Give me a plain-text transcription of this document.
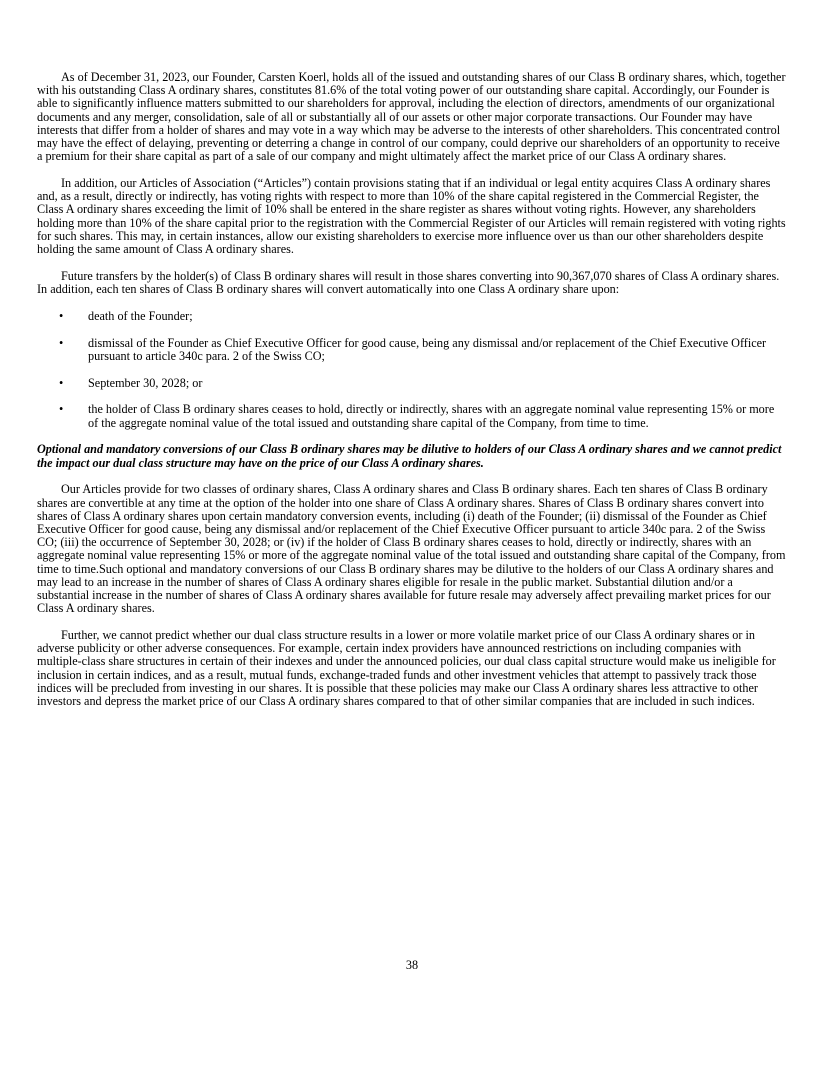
As of December 31, 2023, our Founder, Carsten Koerl, holds all of the issued and outstanding shares of our Class B ordinary shares, which, together with his outstanding Class A ordinary shares, constitutes 81.6% of the total voting power of our outstanding share capital. Accordingly, our Founder is able to significantly influence matters submitted to our shareholders for approval, including the election of directors, amendments of our organizational documents and any merger, consolidation, sale of all or substantially all of our assets or other major corporate transactions. Our Founder may have interests that differ from a holder of shares and may vote in a way which may be adverse to the interests of other shareholders. This concentrated control may have the effect of delaying, preventing or deterring a change in control of our company, could deprive our shareholders of an opportunity to receive a premium for their share capital as part of a sale of our company and might ultimately affect the market price of our Class A ordinary shares.

In addition, our Articles of Association (“Articles”) contain provisions stating that if an individual or legal entity acquires Class A ordinary shares and, as a result, directly or indirectly, has voting rights with respect to more than 10% of the share capital registered in the Commercial Register, the Class A ordinary shares exceeding the limit of 10% shall be entered in the share register as shares without voting rights. However, any shareholders holding more than 10% of the share capital prior to the registration with the Commercial Register of our Articles will remain registered with voting rights for such shares. This may, in certain instances, allow our existing shareholders to exercise more influence over us than our other shareholders despite holding the same amount of Class A ordinary shares.

Future transfers by the holder(s) of Class B ordinary shares will result in those shares converting into 90,367,070 shares of Class A ordinary shares. In addition, each ten shares of Class B ordinary shares will convert automatically into one Class A ordinary share upon:

• death of the Founder;
• dismissal of the Founder as Chief Executive Officer for good cause, being any dismissal and/or replacement of the Chief Executive Officer pursuant to article 340c para. 2 of the Swiss CO;
• September 30, 2028; or
• the holder of Class B ordinary shares ceases to hold, directly or indirectly, shares with an aggregate nominal value representing 15% or more of the aggregate nominal value of the total issued and outstanding share capital of the Company, from time to time.

Optional and mandatory conversions of our Class B ordinary shares may be dilutive to holders of our Class A ordinary shares and we cannot predict the impact our dual class structure may have on the price of our Class A ordinary shares.

Our Articles provide for two classes of ordinary shares, Class A ordinary shares and Class B ordinary shares. Each ten shares of Class B ordinary shares are convertible at any time at the option of the holder into one share of Class A ordinary shares. Shares of Class B ordinary shares convert into shares of Class A ordinary shares upon certain mandatory conversion events, including (i) death of the Founder; (ii) dismissal of the Founder as Chief Executive Officer for good cause, being any dismissal and/or replacement of the Chief Executive Officer pursuant to article 340c para. 2 of the Swiss CO; (iii) the occurrence of September 30, 2028; or (iv) if the holder of Class B ordinary shares ceases to hold, directly or indirectly, shares with an aggregate nominal value representing 15% or more of the aggregate nominal value of the total issued and outstanding share capital of the Company, from time to time.Such optional and mandatory conversions of our Class B ordinary shares may be dilutive to the holders of our Class A ordinary shares and may lead to an increase in the number of shares of Class A ordinary shares eligible for resale in the public market. Substantial dilution and/or a substantial increase in the number of shares of Class A ordinary shares available for future resale may adversely affect prevailing market prices for our Class A ordinary shares.

Further, we cannot predict whether our dual class structure results in a lower or more volatile market price of our Class A ordinary shares or in adverse publicity or other adverse consequences. For example, certain index providers have announced restrictions on including companies with multiple-class share structures in certain of their indexes and under the announced policies, our dual class capital structure would make us ineligible for inclusion in certain indices, and as a result, mutual funds, exchange-traded funds and other investment vehicles that attempt to passively track those indices will be precluded from investing in our shares. It is possible that these policies may make our Class A ordinary shares less attractive to other investors and depress the market price of our Class A ordinary shares compared to that of other similar companies that are included in such indices.

38
